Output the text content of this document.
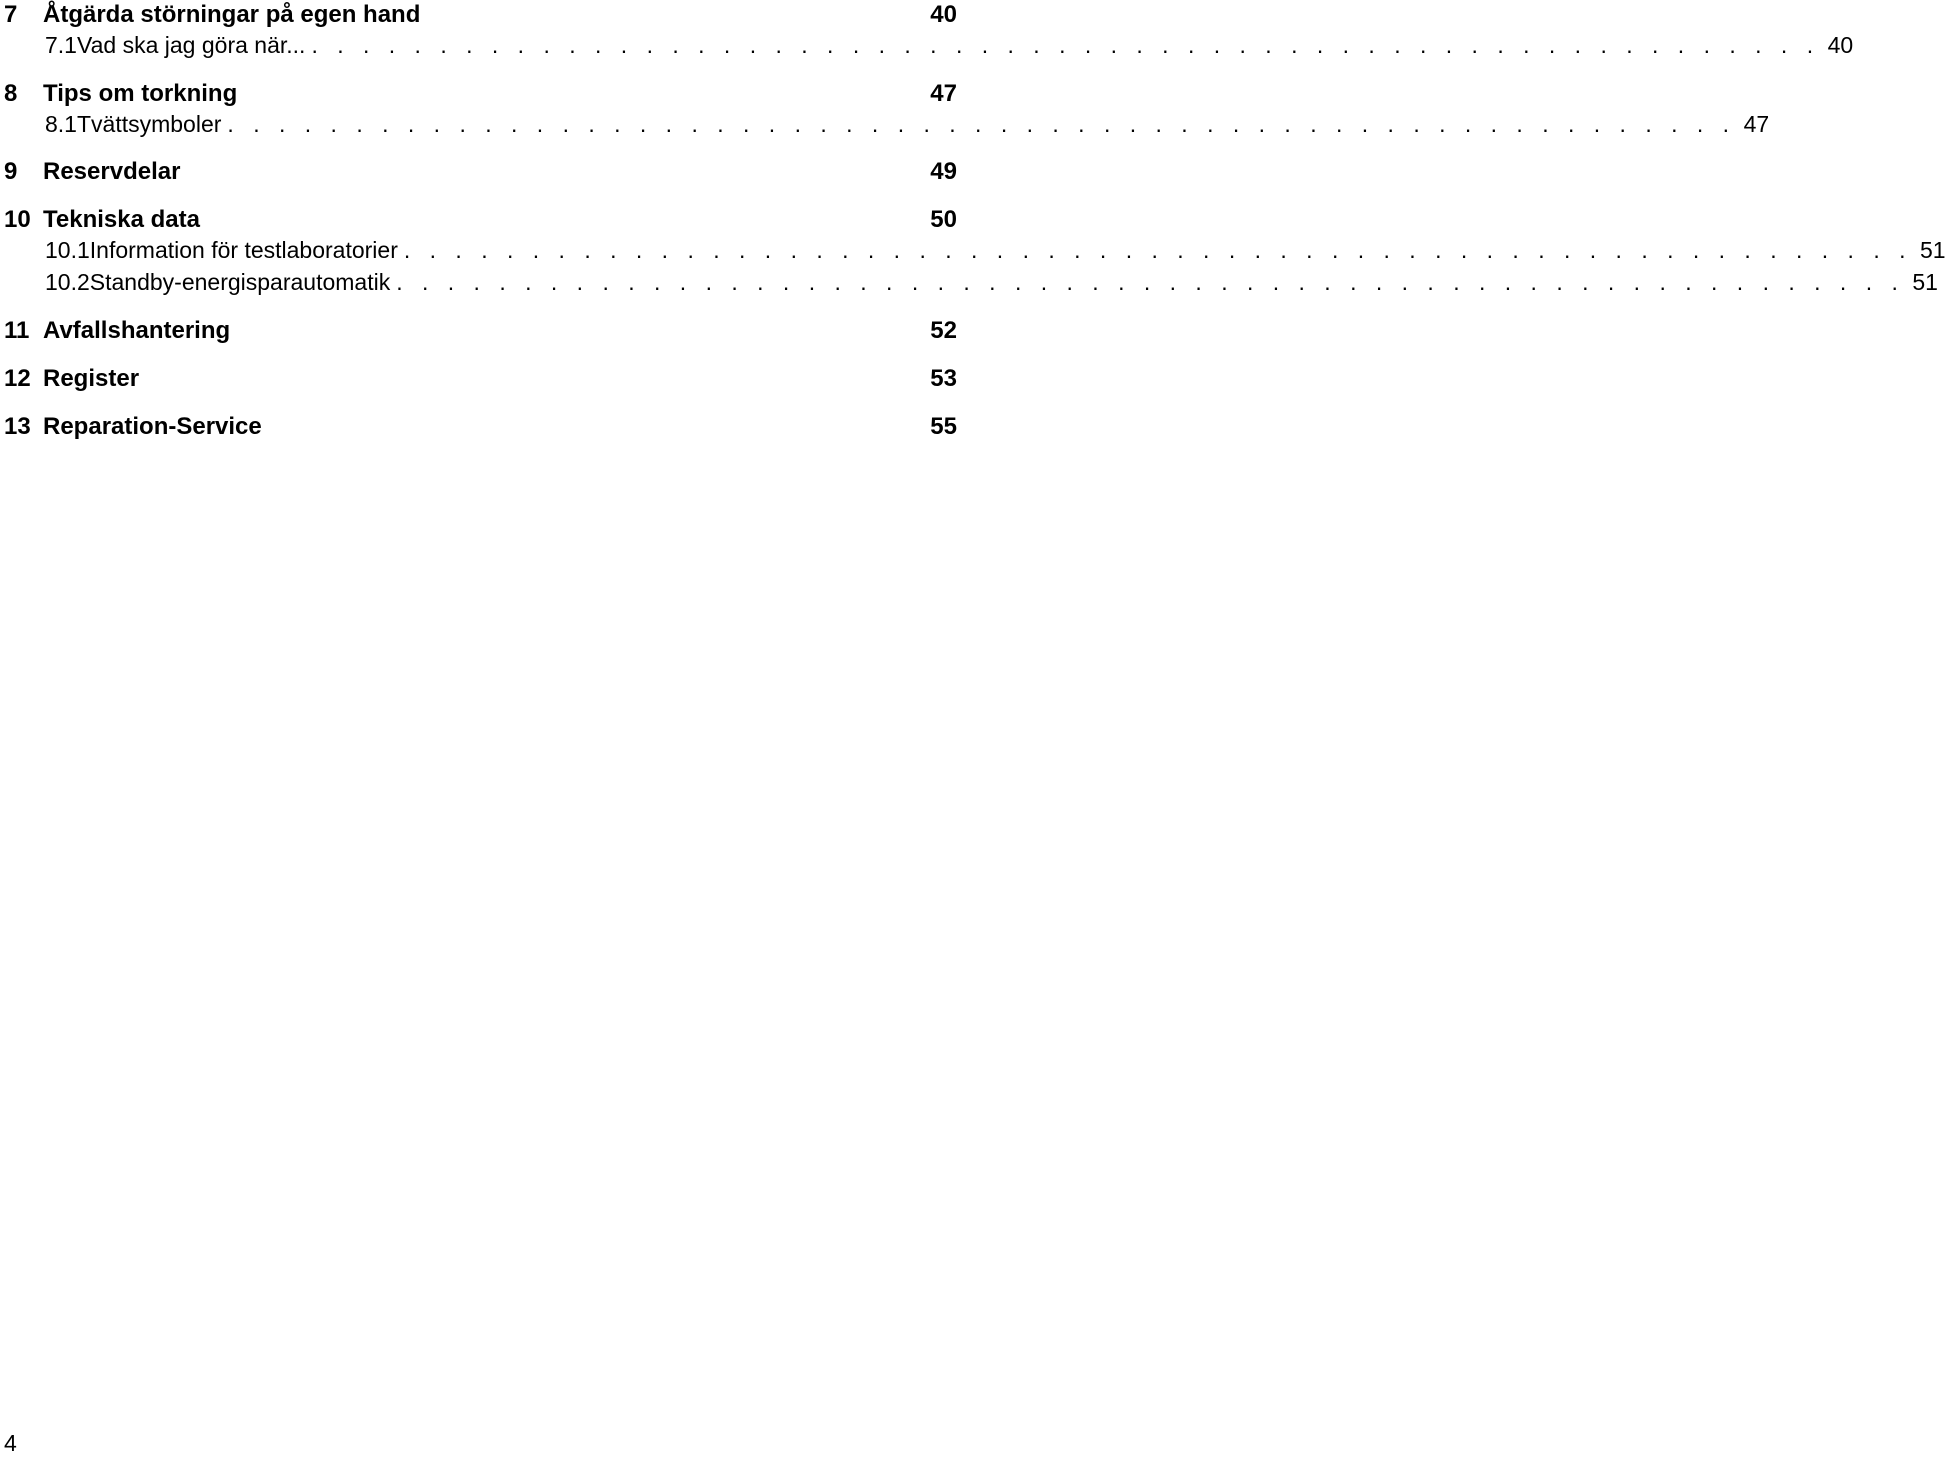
7	Åtgärda störningar på egen hand	40
7.1 Vad ska jag göra när... . . . . . . . . . . . . . . . . . . . . . . . . . . . . . . . . . . . . . . . . . . . . . . . . . . . . . . . . . . . 40
8	Tips om torkning	47
8.1 Tvättsymboler . . . . . . . . . . . . . . . . . . . . . . . . . . . . . . . . . . . . . . . . . . . . . . . . . . . . . . . . . . . 47
9	Reservdelar	49
10 Tekniska data	50
10.1 Information för testlaboratorier . . . . . . . . . . . . . . . . . . . . . . . . . . . . . . . . . . . . . . . . . . . . . . . . . . . . . . . . . . . 51
10.2 Standby-energisparautomatik . . . . . . . . . . . . . . . . . . . . . . . . . . . . . . . . . . . . . . . . . . . . . . . . . . . . . . . . . . . 51
11 Avfallshantering	52
12 Register	53
13 Reparation-Service	55
4
